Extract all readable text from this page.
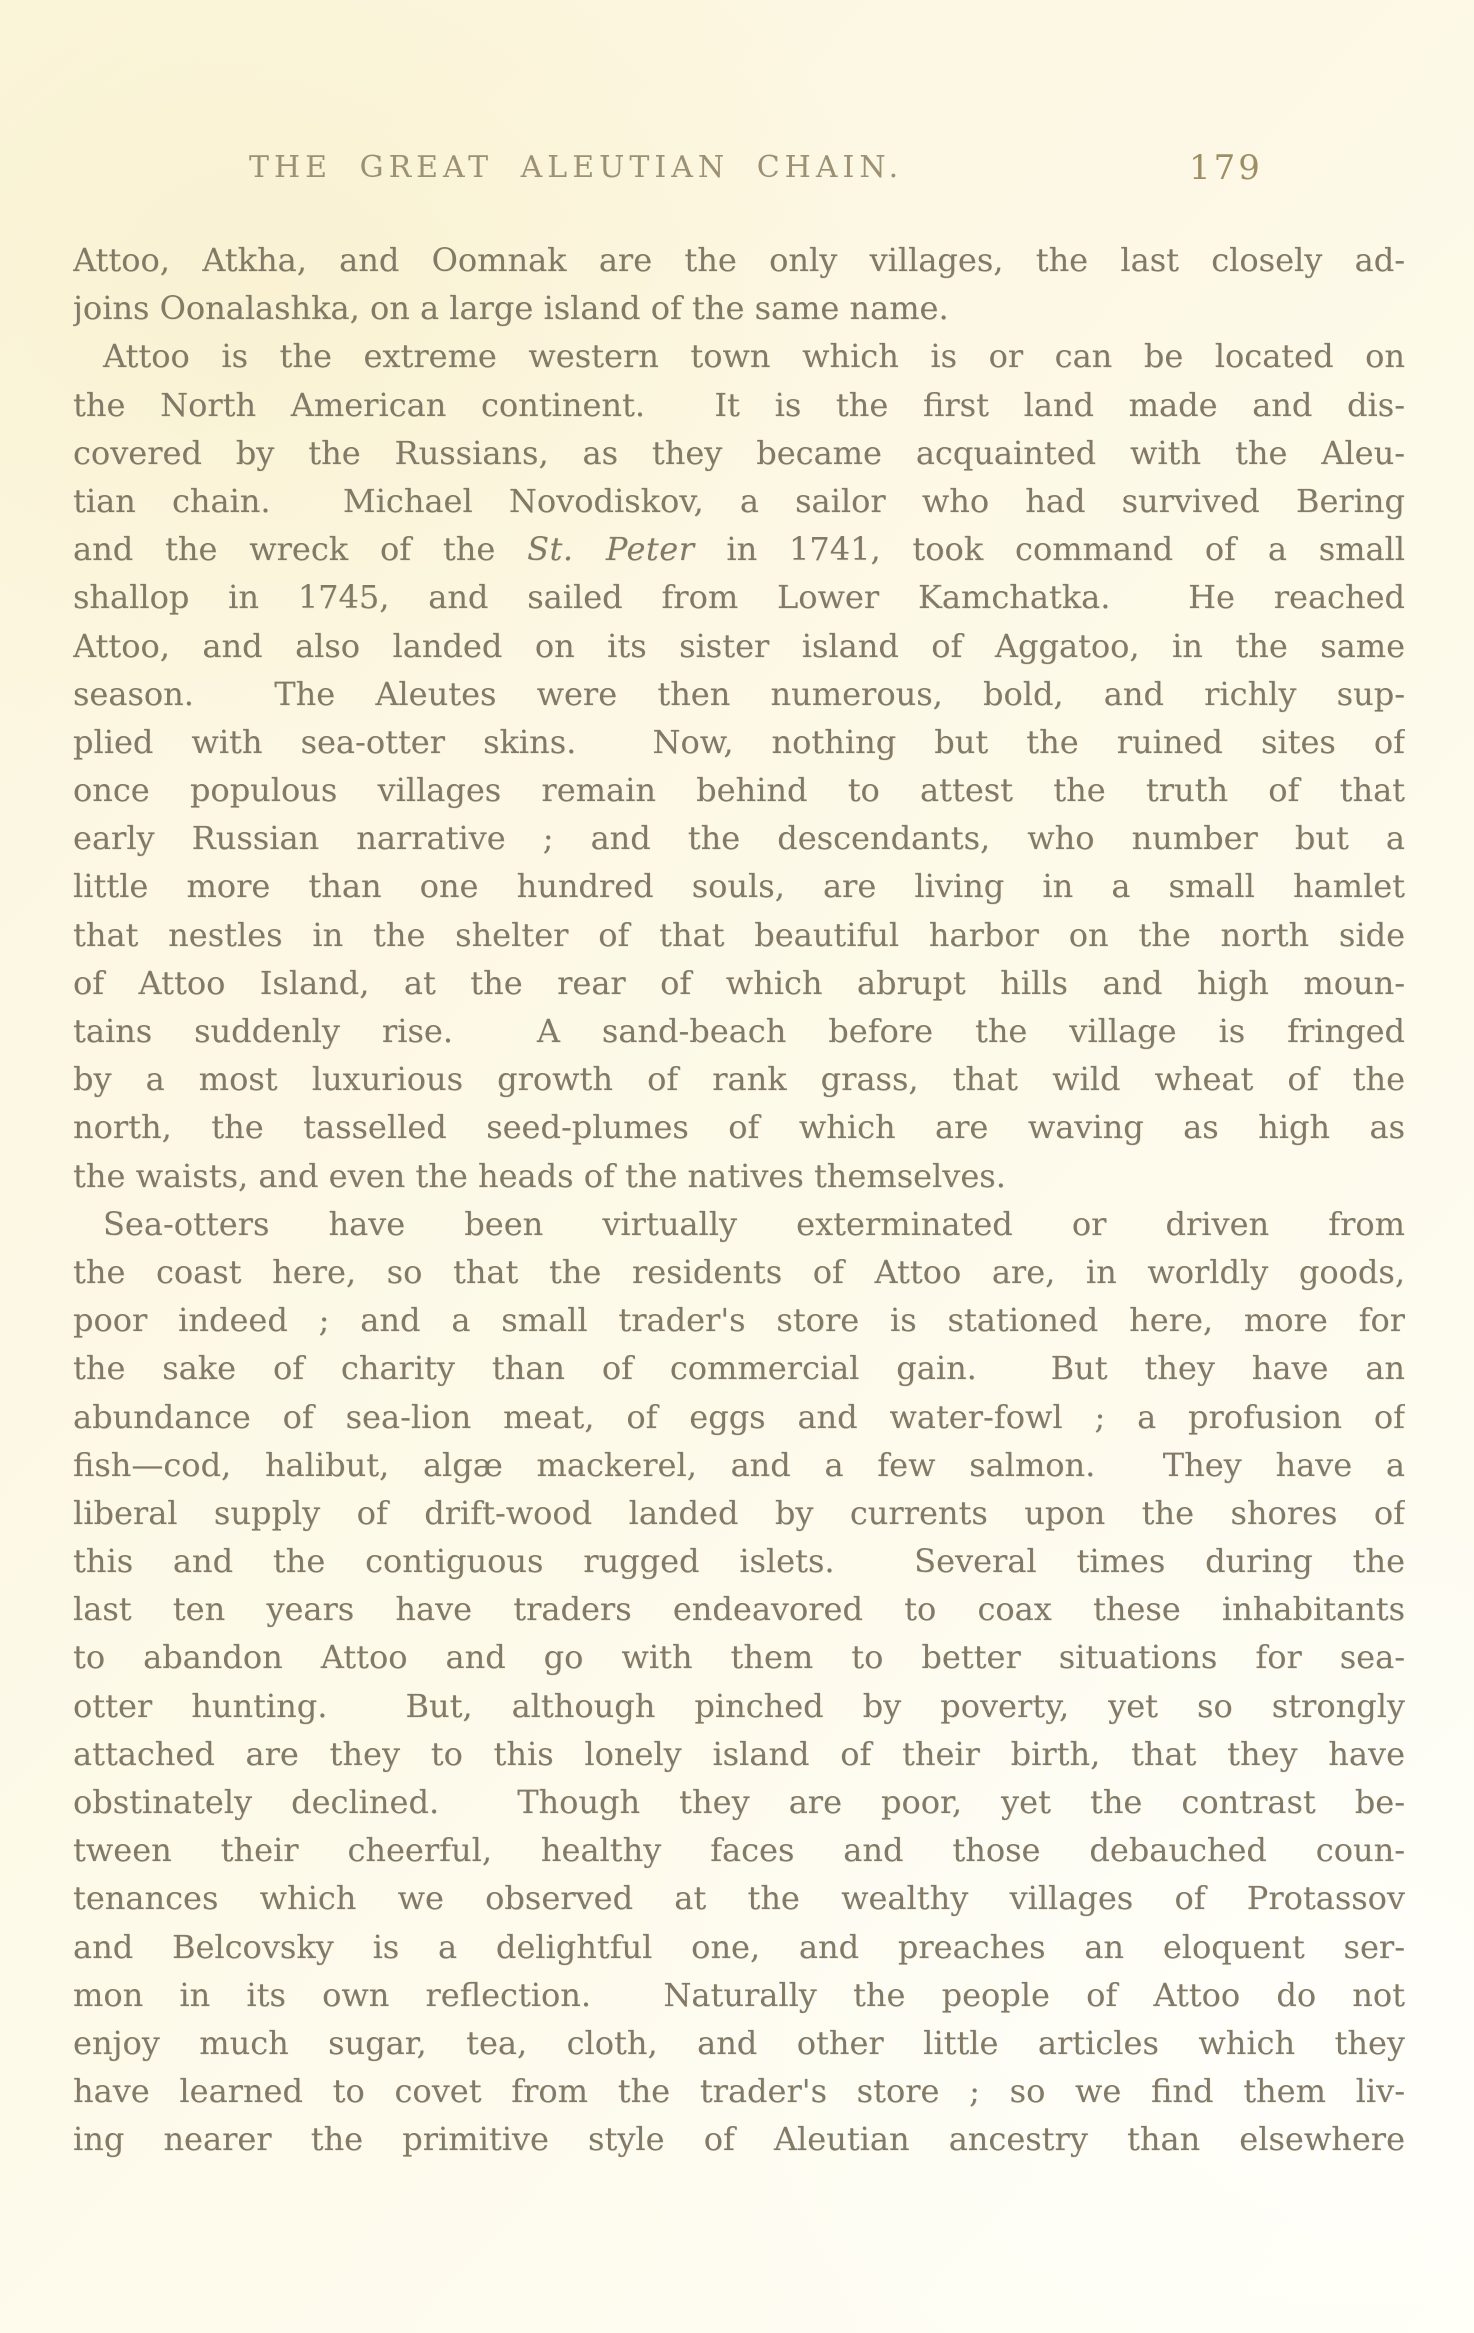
THE GREAT ALEUTIAN CHAIN.	179
Attoo, Atkha, and Oomnak are the only villages, the last closely ad-
joins Oonalashka, on a large island of the same name.
Attoo is the extreme western town which is or can be located on
the North American continent.  It is the first land made and dis-
covered by the Russians, as they became acquainted with the Aleu-
tian chain.  Michael Novodiskov, a sailor who had survived Bering
and the wreck of the St. Peter in 1741, took command of a small
shallop in 1745, and sailed from Lower Kamchatka.  He reached
Attoo, and also landed on its sister island of Aggatoo, in the same
season.  The Aleutes were then numerous, bold, and richly sup-
plied with sea-otter skins.  Now, nothing but the ruined sites of
once populous villages remain behind to attest the truth of that
early Russian narrative ; and the descendants, who number but a
little more than one hundred souls, are living in a small hamlet
that nestles in the shelter of that beautiful harbor on the north side
of Attoo Island, at the rear of which abrupt hills and high moun-
tains suddenly rise.  A sand-beach before the village is fringed
by a most luxurious growth of rank grass, that wild wheat of the
north, the tasselled seed-plumes of which are waving as high as
the waists, and even the heads of the natives themselves.
Sea-otters have been virtually exterminated or driven from
the coast here, so that the residents of Attoo are, in worldly goods,
poor indeed ; and a small trader's store is stationed here, more for
the sake of charity than of commercial gain.  But they have an
abundance of sea-lion meat, of eggs and water-fowl ; a profusion of
fish—cod, halibut, algæ mackerel, and a few salmon.  They have a
liberal supply of drift-wood landed by currents upon the shores of
this and the contiguous rugged islets.  Several times during the
last ten years have traders endeavored to coax these inhabitants
to abandon Attoo and go with them to better situations for sea-
otter hunting.  But, although pinched by poverty, yet so strongly
attached are they to this lonely island of their birth, that they have
obstinately declined.  Though they are poor, yet the contrast be-
tween their cheerful, healthy faces and those debauched coun-
tenances which we observed at the wealthy villages of Protassov
and Belcovsky is a delightful one, and preaches an eloquent ser-
mon in its own reflection.  Naturally the people of Attoo do not
enjoy much sugar, tea, cloth, and other little articles which they
have learned to covet from the trader's store ; so we find them liv-
ing nearer the primitive style of Aleutian ancestry than elsewhere
